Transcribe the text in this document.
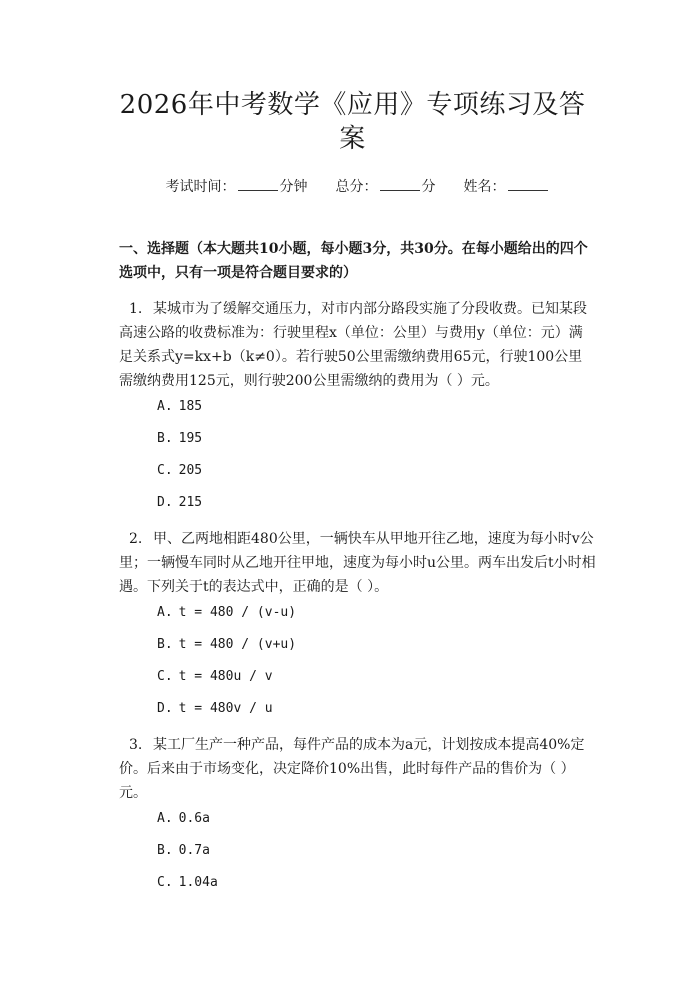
2026年中考数学《应用》专项练习及答案
考试时间：	分钟 总分：	分 姓名：
一、选择题（本大题共10小题，每小题3分，共30分。在每小题给出的四个选项中，只有一项是符合题目要求的）
1. 某城市为了缓解交通压力，对市内部分路段实施了分段收费。已知某段高速公路的收费标准为：行驶里程x（单位：公里）与费用y（单位：元）满足关系式y=kx+b（k≠0）。若行驶50公里需缴纳费用65元，行驶100公里需缴纳费用125元，则行驶200公里需缴纳的费用为（ ）元。
A. 185
B. 195
C. 205
D. 215
2. 甲、乙两地相距480公里，一辆快车从甲地开往乙地，速度为每小时v公里；一辆慢车同时从乙地开往甲地，速度为每小时u公里。两车出发后t小时相遇。下列关于t的表达式中，正确的是（ ）。
A. t = 480 / (v-u)
B. t = 480 / (v+u)
C. t = 480u / v
D. t = 480v / u
3. 某工厂生产一种产品，每件产品的成本为a元，计划按成本提高40%定价。后来由于市场变化，决定降价10%出售，此时每件产品的售价为（ ）元。
A. 0.6a
B. 0.7a
C. 1.04a
